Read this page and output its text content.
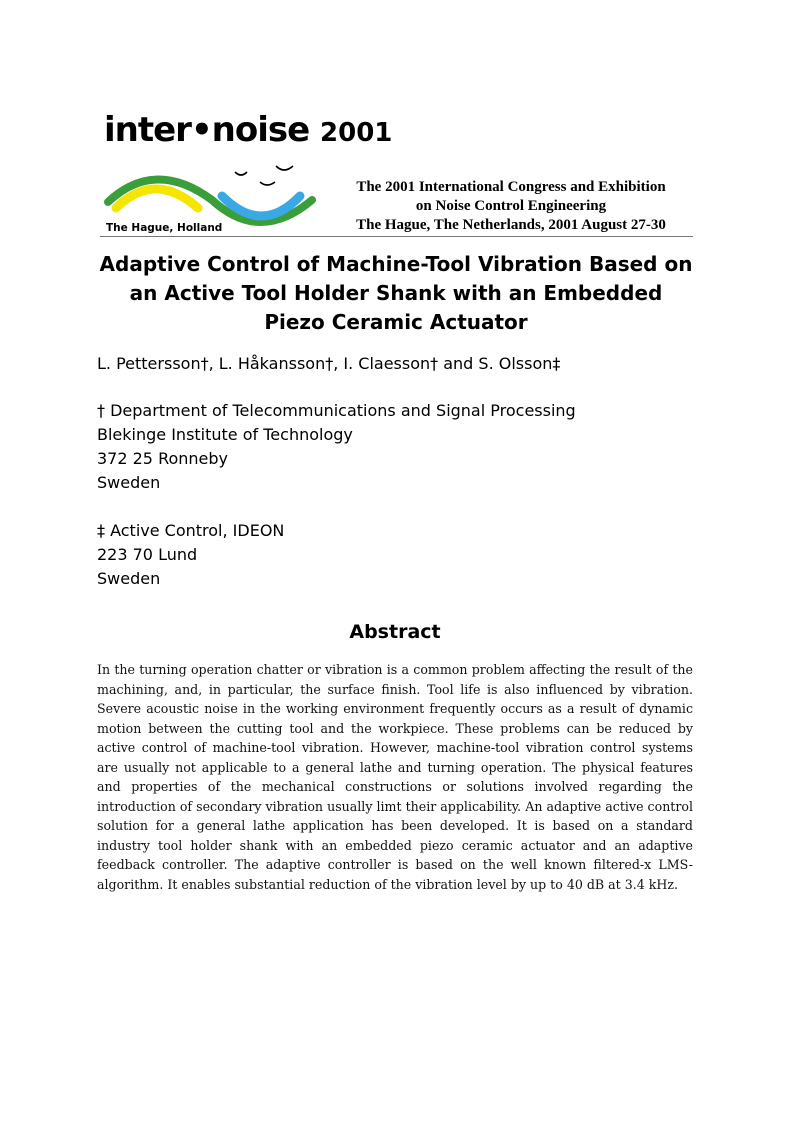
inter•noise 2001
The Hague, Holland
The 2001 International Congress and Exhibition
on Noise Control Engineering
The Hague, The Netherlands, 2001 August 27-30
Adaptive Control of Machine-Tool Vibration Based on an Active Tool Holder Shank with an Embedded Piezo Ceramic Actuator
L. Pettersson†, L. Håkansson†, I. Claesson† and S. Olsson‡
† Department of Telecommunications and Signal Processing
Blekinge Institute of Technology
372 25 Ronneby
Sweden
‡ Active Control, IDEON
223 70 Lund
Sweden
Abstract
In the turning operation chatter or vibration is a common problem affecting the result of the machining, and, in particular, the surface finish. Tool life is also influenced by vibration. Severe acoustic noise in the working environment frequently occurs as a result of dynamic motion between the cutting tool and the workpiece. These problems can be reduced by active control of machine-tool vibration. However, machine-tool vibration control systems are usually not applicable to a general lathe and turning operation. The physical features and properties of the mechanical constructions or solutions involved regarding the introduction of secondary vibration usually limt their applicability. An adaptive active control solution for a general lathe application has been developed. It is based on a standard industry tool holder shank with an embedded piezo ceramic actuator and an adaptive feedback controller. The adaptive controller is based on the well known filtered-x LMS-algorithm. It enables substantial reduction of the vibration level by up to 40 dB at 3.4 kHz.
